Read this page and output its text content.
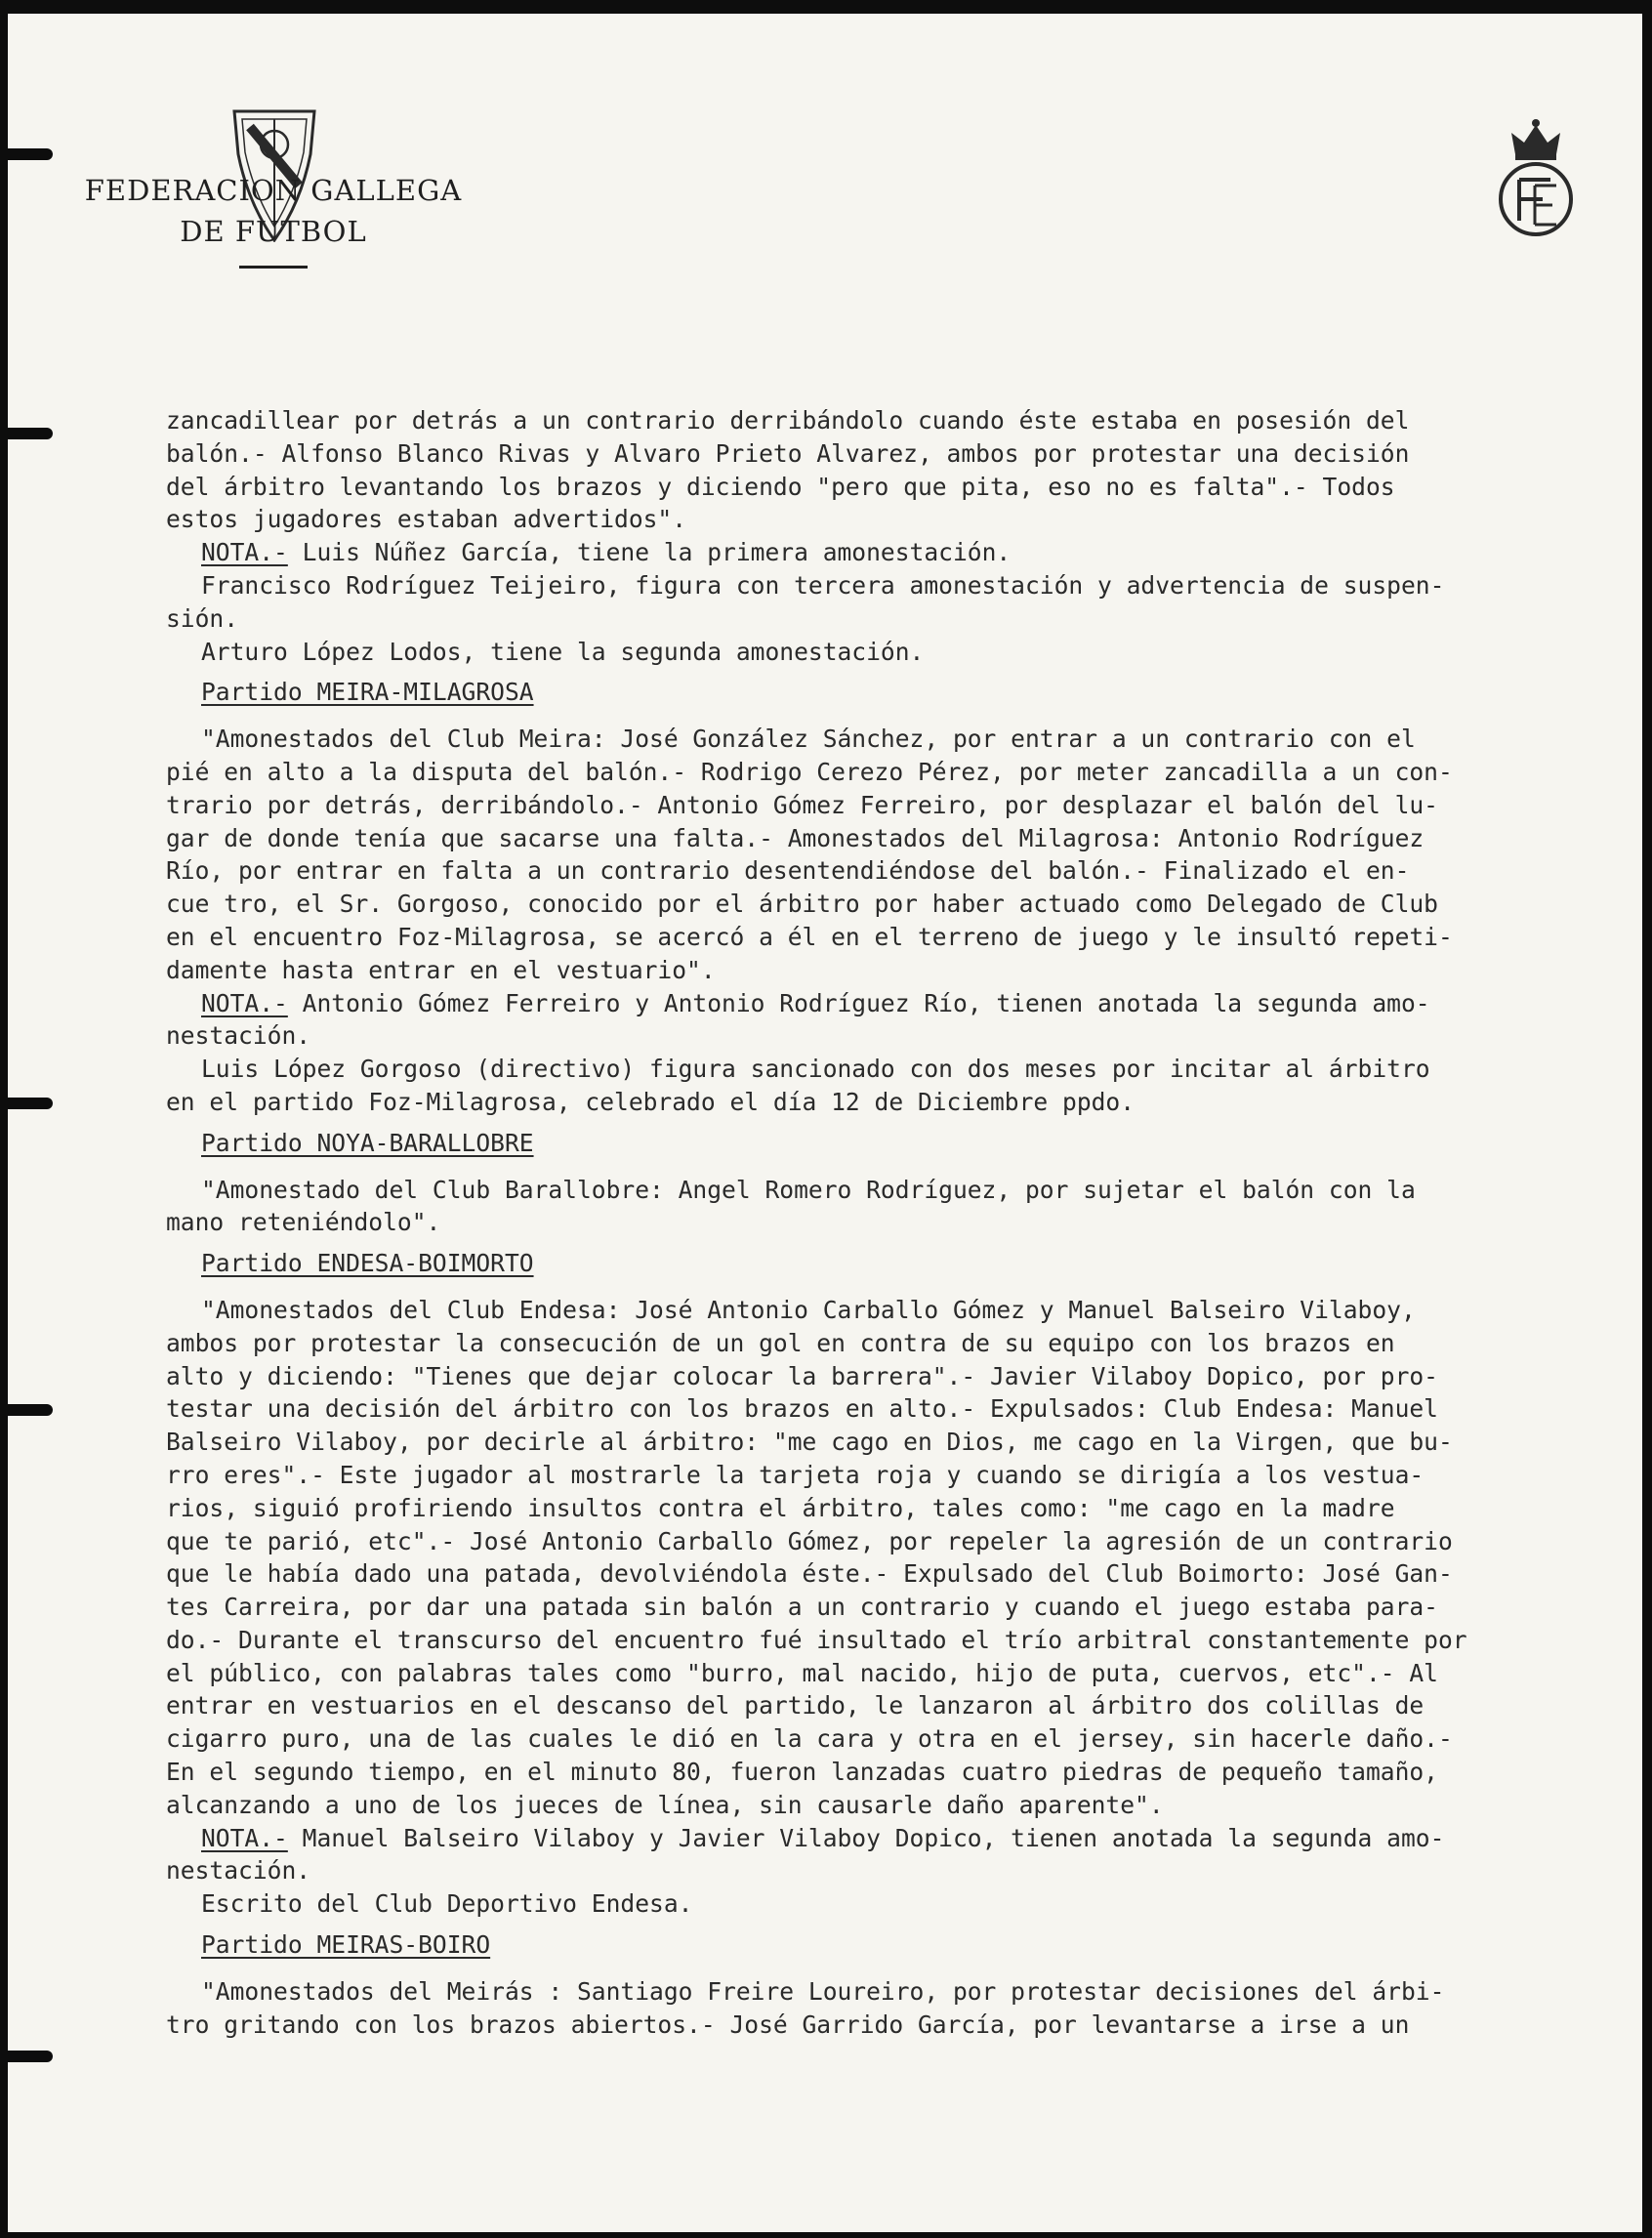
FEDERACION GALLEGA
DE FUTBOL

zancadillear por detrás a un contrario derribándolo cuando éste estaba en posesión del

balón.- Alfonso Blanco Rivas y Alvaro Prieto Alvarez, ambos por protestar una decisión

del árbitro levantando los brazos y diciendo "pero que pita, eso no es falta".- Todos

estos jugadores estaban advertidos".

NOTA.- Luis Núñez García, tiene la primera amonestación.

Francisco Rodríguez Teijeiro, figura con tercera amonestación y advertencia de suspen-

sión.

Arturo López Lodos, tiene la segunda amonestación.

Partido MEIRA-MILAGROSA

"Amonestados del Club Meira: José González Sánchez, por entrar a un contrario con el

pié en alto a la disputa del balón.- Rodrigo Cerezo Pérez, por meter zancadilla a un con-

trario por detrás, derribándolo.- Antonio Gómez Ferreiro, por desplazar el balón del lu-

gar de donde tenía que sacarse una falta.- Amonestados del Milagrosa: Antonio Rodríguez

Río, por entrar en falta a un contrario desentendiéndose del balón.- Finalizado el en-

cue tro, el Sr. Gorgoso, conocido por el árbitro por haber actuado como Delegado de Club

en el encuentro Foz-Milagrosa, se acercó a él en el terreno de juego y le insultó repeti-

damente hasta entrar en el vestuario".

NOTA.- Antonio Gómez Ferreiro y Antonio Rodríguez Río, tienen anotada la segunda amo-

nestación.

Luis López Gorgoso (directivo) figura sancionado con dos meses por incitar al árbitro

en el partido Foz-Milagrosa, celebrado el día 12 de Diciembre ppdo.

Partido NOYA-BARALLOBRE

"Amonestado del Club Barallobre: Angel Romero Rodríguez, por sujetar el balón con la

mano reteniéndolo".

Partido ENDESA-BOIMORTO

"Amonestados del Club Endesa: José Antonio Carballo Gómez y Manuel Balseiro Vilaboy,

ambos por protestar la consecución de un gol en contra de su equipo con los brazos en

alto y diciendo: "Tienes que dejar colocar la barrera".- Javier Vilaboy Dopico, por pro-

testar una decisión del árbitro con los brazos en alto.- Expulsados: Club Endesa: Manuel

Balseiro Vilaboy, por decirle al árbitro: "me cago en Dios, me cago en la Virgen, que bu-

rro eres".- Este jugador al mostrarle la tarjeta roja y cuando se dirigía a los vestua-

rios, siguió profiriendo insultos contra el árbitro, tales como: "me cago en la madre

que te parió, etc".- José Antonio Carballo Gómez, por repeler la agresión de un contrario

que le había dado una patada, devolviéndola éste.- Expulsado del Club Boimorto: José Gan-

tes Carreira, por dar una patada sin balón a un contrario y cuando el juego estaba para-

do.- Durante el transcurso del encuentro fué insultado el trío arbitral constantemente por

el público, con palabras tales como "burro, mal nacido, hijo de puta, cuervos, etc".- Al

entrar en vestuarios en el descanso del partido, le lanzaron al árbitro dos colillas de

cigarro puro, una de las cuales le dió en la cara y otra en el jersey, sin hacerle daño.-

En el segundo tiempo, en el minuto 80, fueron lanzadas cuatro piedras de pequeño tamaño,

alcanzando a uno de los jueces de línea, sin causarle daño aparente".

NOTA.- Manuel Balseiro Vilaboy y Javier Vilaboy Dopico, tienen anotada la segunda amo-

nestación.

Escrito del Club Deportivo Endesa.

Partido MEIRAS-BOIRO

"Amonestados del Meirás : Santiago Freire Loureiro, por protestar decisiones del árbi-

tro gritando con los brazos abiertos.- José Garrido García, por levantarse a irse a un
